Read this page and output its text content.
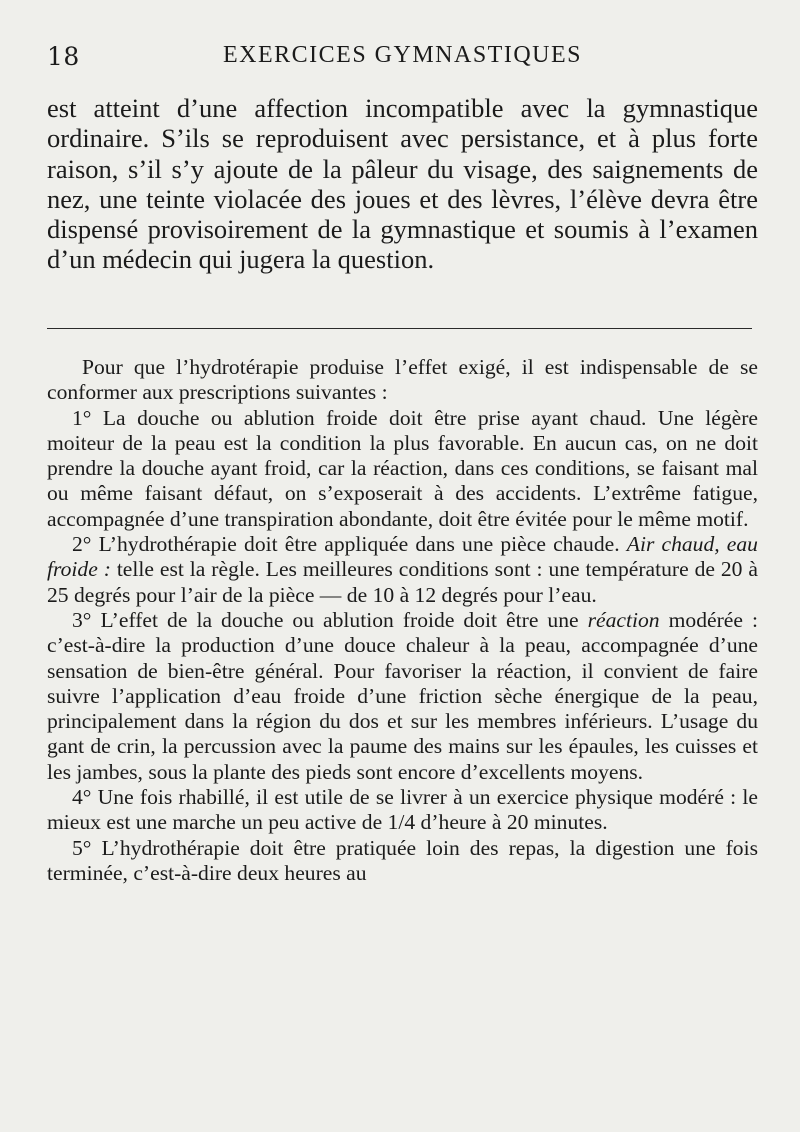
18	EXERCICES GYMNASTIQUES

est atteint d’une affection incompatible avec la gymnastique ordinaire. S’ils se reproduisent avec persistance, et à plus forte raison, s’il s’y ajoute de la pâleur du visage, des saignements de nez, une teinte violacée des joues et des lèvres, l’élève devra être dispensé provisoirement de la gymnastique et soumis à l’examen d’un médecin qui jugera la question.

Pour que l’hydrotérapie produise l’effet exigé, il est indispensable de se conformer aux prescriptions suivantes :

1° La douche ou ablution froide doit être prise ayant chaud. Une légère moiteur de la peau est la condition la plus favorable. En aucun cas, on ne doit prendre la douche ayant froid, car la réaction, dans ces conditions, se faisant mal ou même faisant défaut, on s’exposerait à des accidents. L’extrême fatigue, accompagnée d’une transpiration abondante, doit être évitée pour le même motif.

2° L’hydrothérapie doit être appliquée dans une pièce chaude. Air chaud, eau froide : telle est la règle. Les meilleures conditions sont : une température de 20 à 25 degrés pour l’air de la pièce — de 10 à 12 degrés pour l’eau.

3° L’effet de la douche ou ablution froide doit être une réaction modérée : c’est-à-dire la production d’une douce chaleur à la peau, accompagnée d’une sensation de bien-être général. Pour favoriser la réaction, il convient de faire suivre l’application d’eau froide d’une friction sèche énergique de la peau, principalement dans la région du dos et sur les membres inférieurs. L’usage du gant de crin, la percussion avec la paume des mains sur les épaules, les cuisses et les jambes, sous la plante des pieds sont encore d’excellents moyens.

4° Une fois rhabillé, il est utile de se livrer à un exercice physique modéré : le mieux est une marche un peu active de 1/4 d’heure à 20 minutes.

5° L’hydrothérapie doit être pratiquée loin des repas, la digestion une fois terminée, c’est-à-dire deux heures au
